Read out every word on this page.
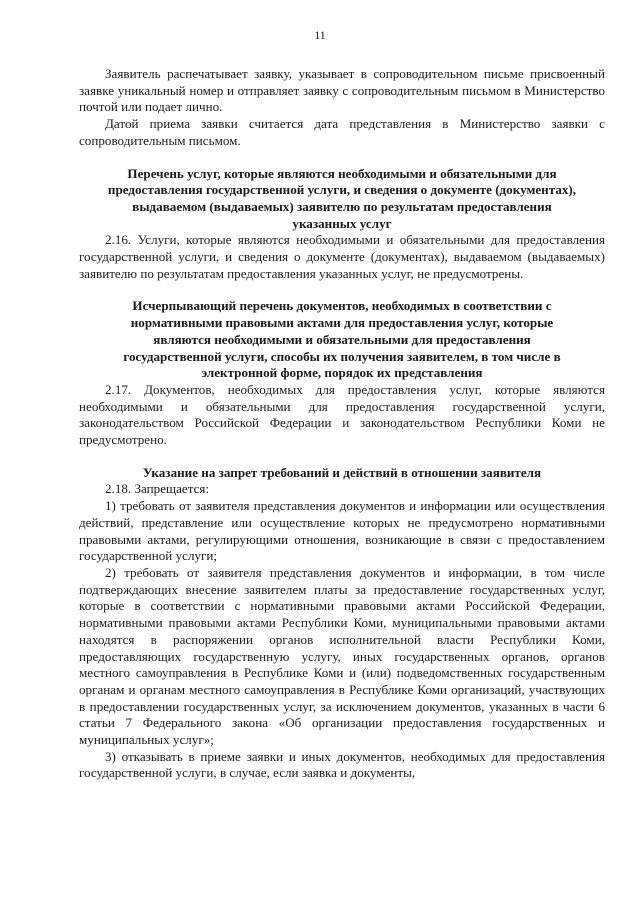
11

Заявитель распечатывает заявку, указывает в сопроводительном письме присвоенный заявке уникальный номер и отправляет заявку с сопроводительным письмом в Министерство почтой или подает лично.

Датой приема заявки считается дата представления в Министерство заявки с сопроводительным письмом.

Перечень услуг, которые являются необходимыми и обязательными для предоставления государственной услуги, и сведения о документе (документах), выдаваемом (выдаваемых) заявителю по результатам предоставления указанных услуг

2.16. Услуги, которые являются необходимыми и обязательными для предоставления государственной услуги, и сведения о документе (документах), выдаваемом (выдаваемых) заявителю по результатам предоставления указанных услуг, не предусмотрены.

Исчерпывающий перечень документов, необходимых в соответствии с нормативными правовыми актами для предоставления услуг, которые являются необходимыми и обязательными для предоставления государственной услуги, способы их получения заявителем, в том числе в электронной форме, порядок их представления

2.17. Документов, необходимых для предоставления услуг, которые являются необходимыми и обязательными для предоставления государственной услуги, законодательством Российской Федерации и законодательством Республики Коми не предусмотрено.

Указание на запрет требований и действий в отношении заявителя

2.18. Запрещается:

1) требовать от заявителя представления документов и информации или осуществления действий, представление или осуществление которых не предусмотрено нормативными правовыми актами, регулирующими отношения, возникающие в связи с предоставлением государственной услуги;

2) требовать от заявителя представления документов и информации, в том числе подтверждающих внесение заявителем платы за предоставление государственных услуг, которые в соответствии с нормативными правовыми актами Российской Федерации, нормативными правовыми актами Республики Коми, муниципальными правовыми актами находятся в распоряжении органов исполнительной власти Республики Коми, предоставляющих государственную услугу, иных государственных органов, органов местного самоуправления в Республике Коми и (или) подведомственных государственным органам и органам местного самоуправления в Республике Коми организаций, участвующих в предоставлении государственных услуг, за исключением документов, указанных в части 6 статьи 7 Федерального закона «Об организации предоставления государственных и муниципальных услуг»;

3) отказывать в приеме заявки и иных документов, необходимых для предоставления государственной услуги, в случае, если заявка и документы,
